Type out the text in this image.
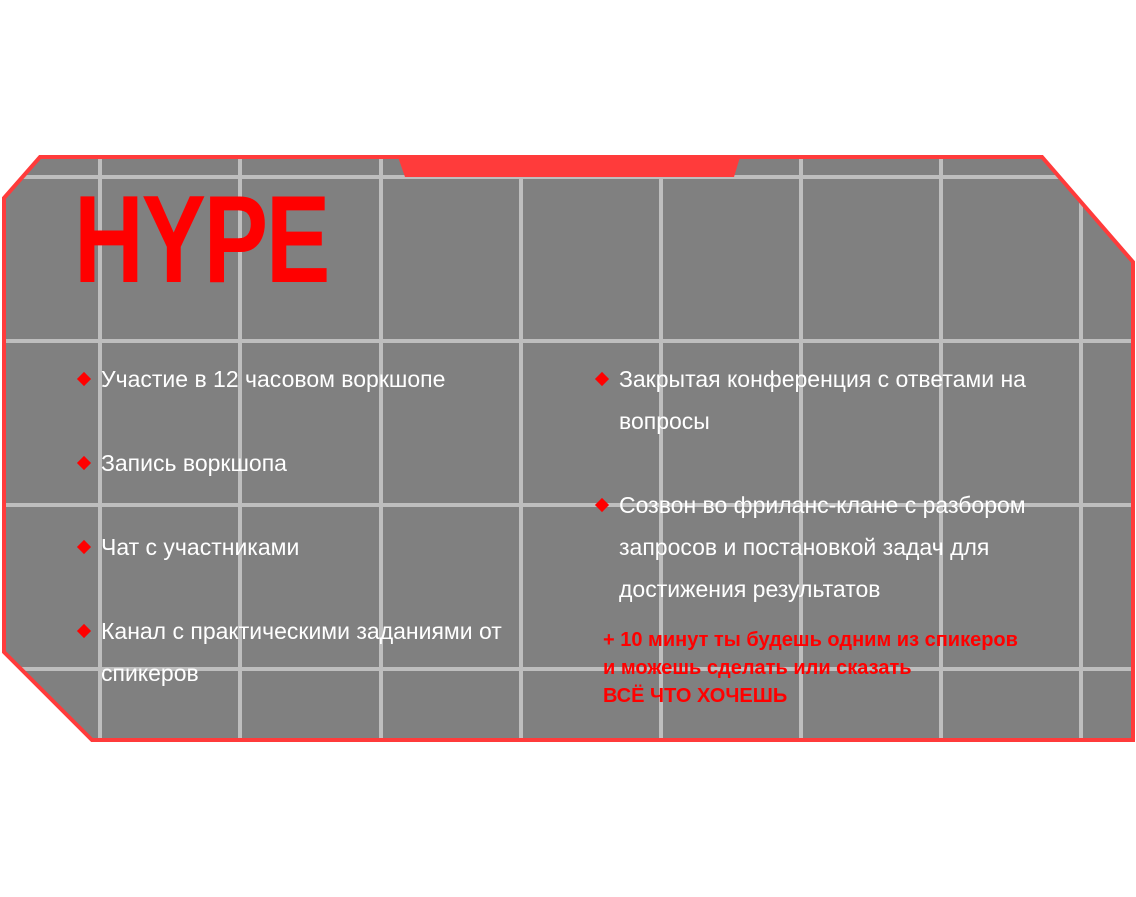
HYPE
Участие в 12 часовом воркшопе
Запись воркшопа
Чат с участниками
Канал с практическими заданиями от спикеров
Закрытая конференция с ответами на вопросы
Созвон во фриланс-клане с разбором запросов и постановкой задач для достижения результатов

+ 10 минут ты будешь одним из спикеров
и можешь сделать или сказать
ВСЁ ЧТО ХОЧЕШЬ
